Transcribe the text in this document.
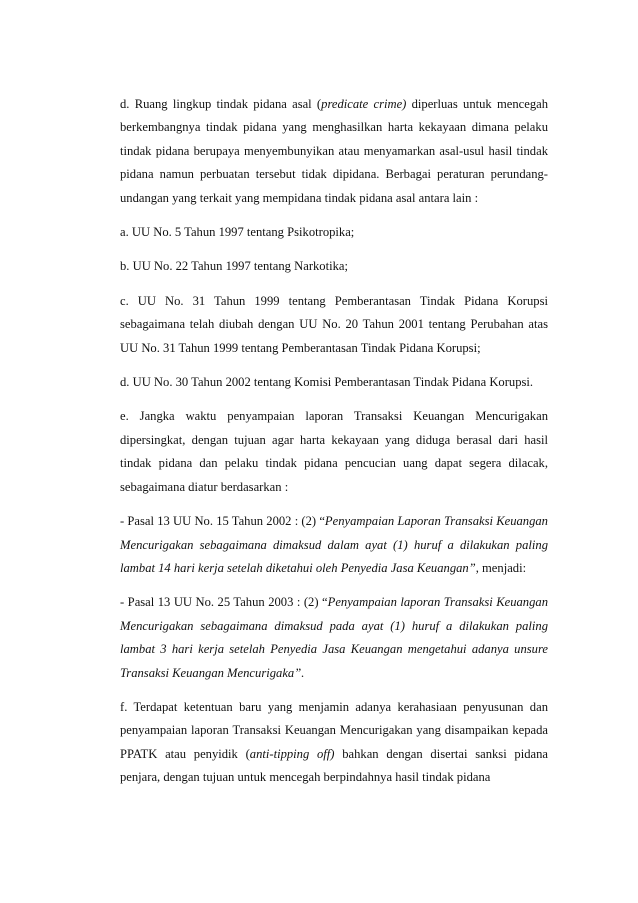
d. Ruang lingkup tindak pidana asal (predicate crime) diperluas untuk mencegah berkembangnya tindak pidana yang menghasilkan harta kekayaan dimana pelaku tindak pidana berupaya menyembunyikan atau menyamarkan asal-usul hasil tindak pidana namun perbuatan tersebut tidak dipidana. Berbagai peraturan perundang-undangan yang terkait yang mempidana tindak pidana asal antara lain :

a. UU No. 5 Tahun 1997 tentang Psikotropika;

b. UU No. 22 Tahun 1997 tentang Narkotika;

c. UU No. 31 Tahun 1999 tentang Pemberantasan Tindak Pidana Korupsi sebagaimana telah diubah dengan UU No. 20 Tahun 2001 tentang Perubahan atas UU No. 31 Tahun 1999 tentang Pemberantasan Tindak Pidana Korupsi;

d. UU No. 30 Tahun 2002 tentang Komisi Pemberantasan Tindak Pidana Korupsi.

e. Jangka waktu penyampaian laporan Transaksi Keuangan Mencurigakan dipersingkat, dengan tujuan agar harta kekayaan yang diduga berasal dari hasil tindak pidana dan pelaku tindak pidana pencucian uang dapat segera dilacak, sebagaimana diatur berdasarkan :

- Pasal 13 UU No. 15 Tahun 2002 : (2) “Penyampaian Laporan Transaksi Keuangan Mencurigakan sebagaimana dimaksud dalam ayat (1) huruf a dilakukan paling lambat 14 hari kerja setelah diketahui oleh Penyedia Jasa Keuangan”, menjadi:

- Pasal 13 UU No. 25 Tahun 2003 : (2) “Penyampaian laporan Transaksi Keuangan Mencurigakan sebagaimana dimaksud pada ayat (1) huruf a dilakukan paling lambat 3 hari kerja setelah Penyedia Jasa Keuangan mengetahui adanya unsure Transaksi Keuangan Mencurigaka”.

f. Terdapat ketentuan baru yang menjamin adanya kerahasiaan penyusunan dan penyampaian laporan Transaksi Keuangan Mencurigakan yang disampaikan kepada PPATK atau penyidik (anti-tipping off) bahkan dengan disertai sanksi pidana penjara, dengan tujuan untuk mencegah berpindahnya hasil tindak pidana
